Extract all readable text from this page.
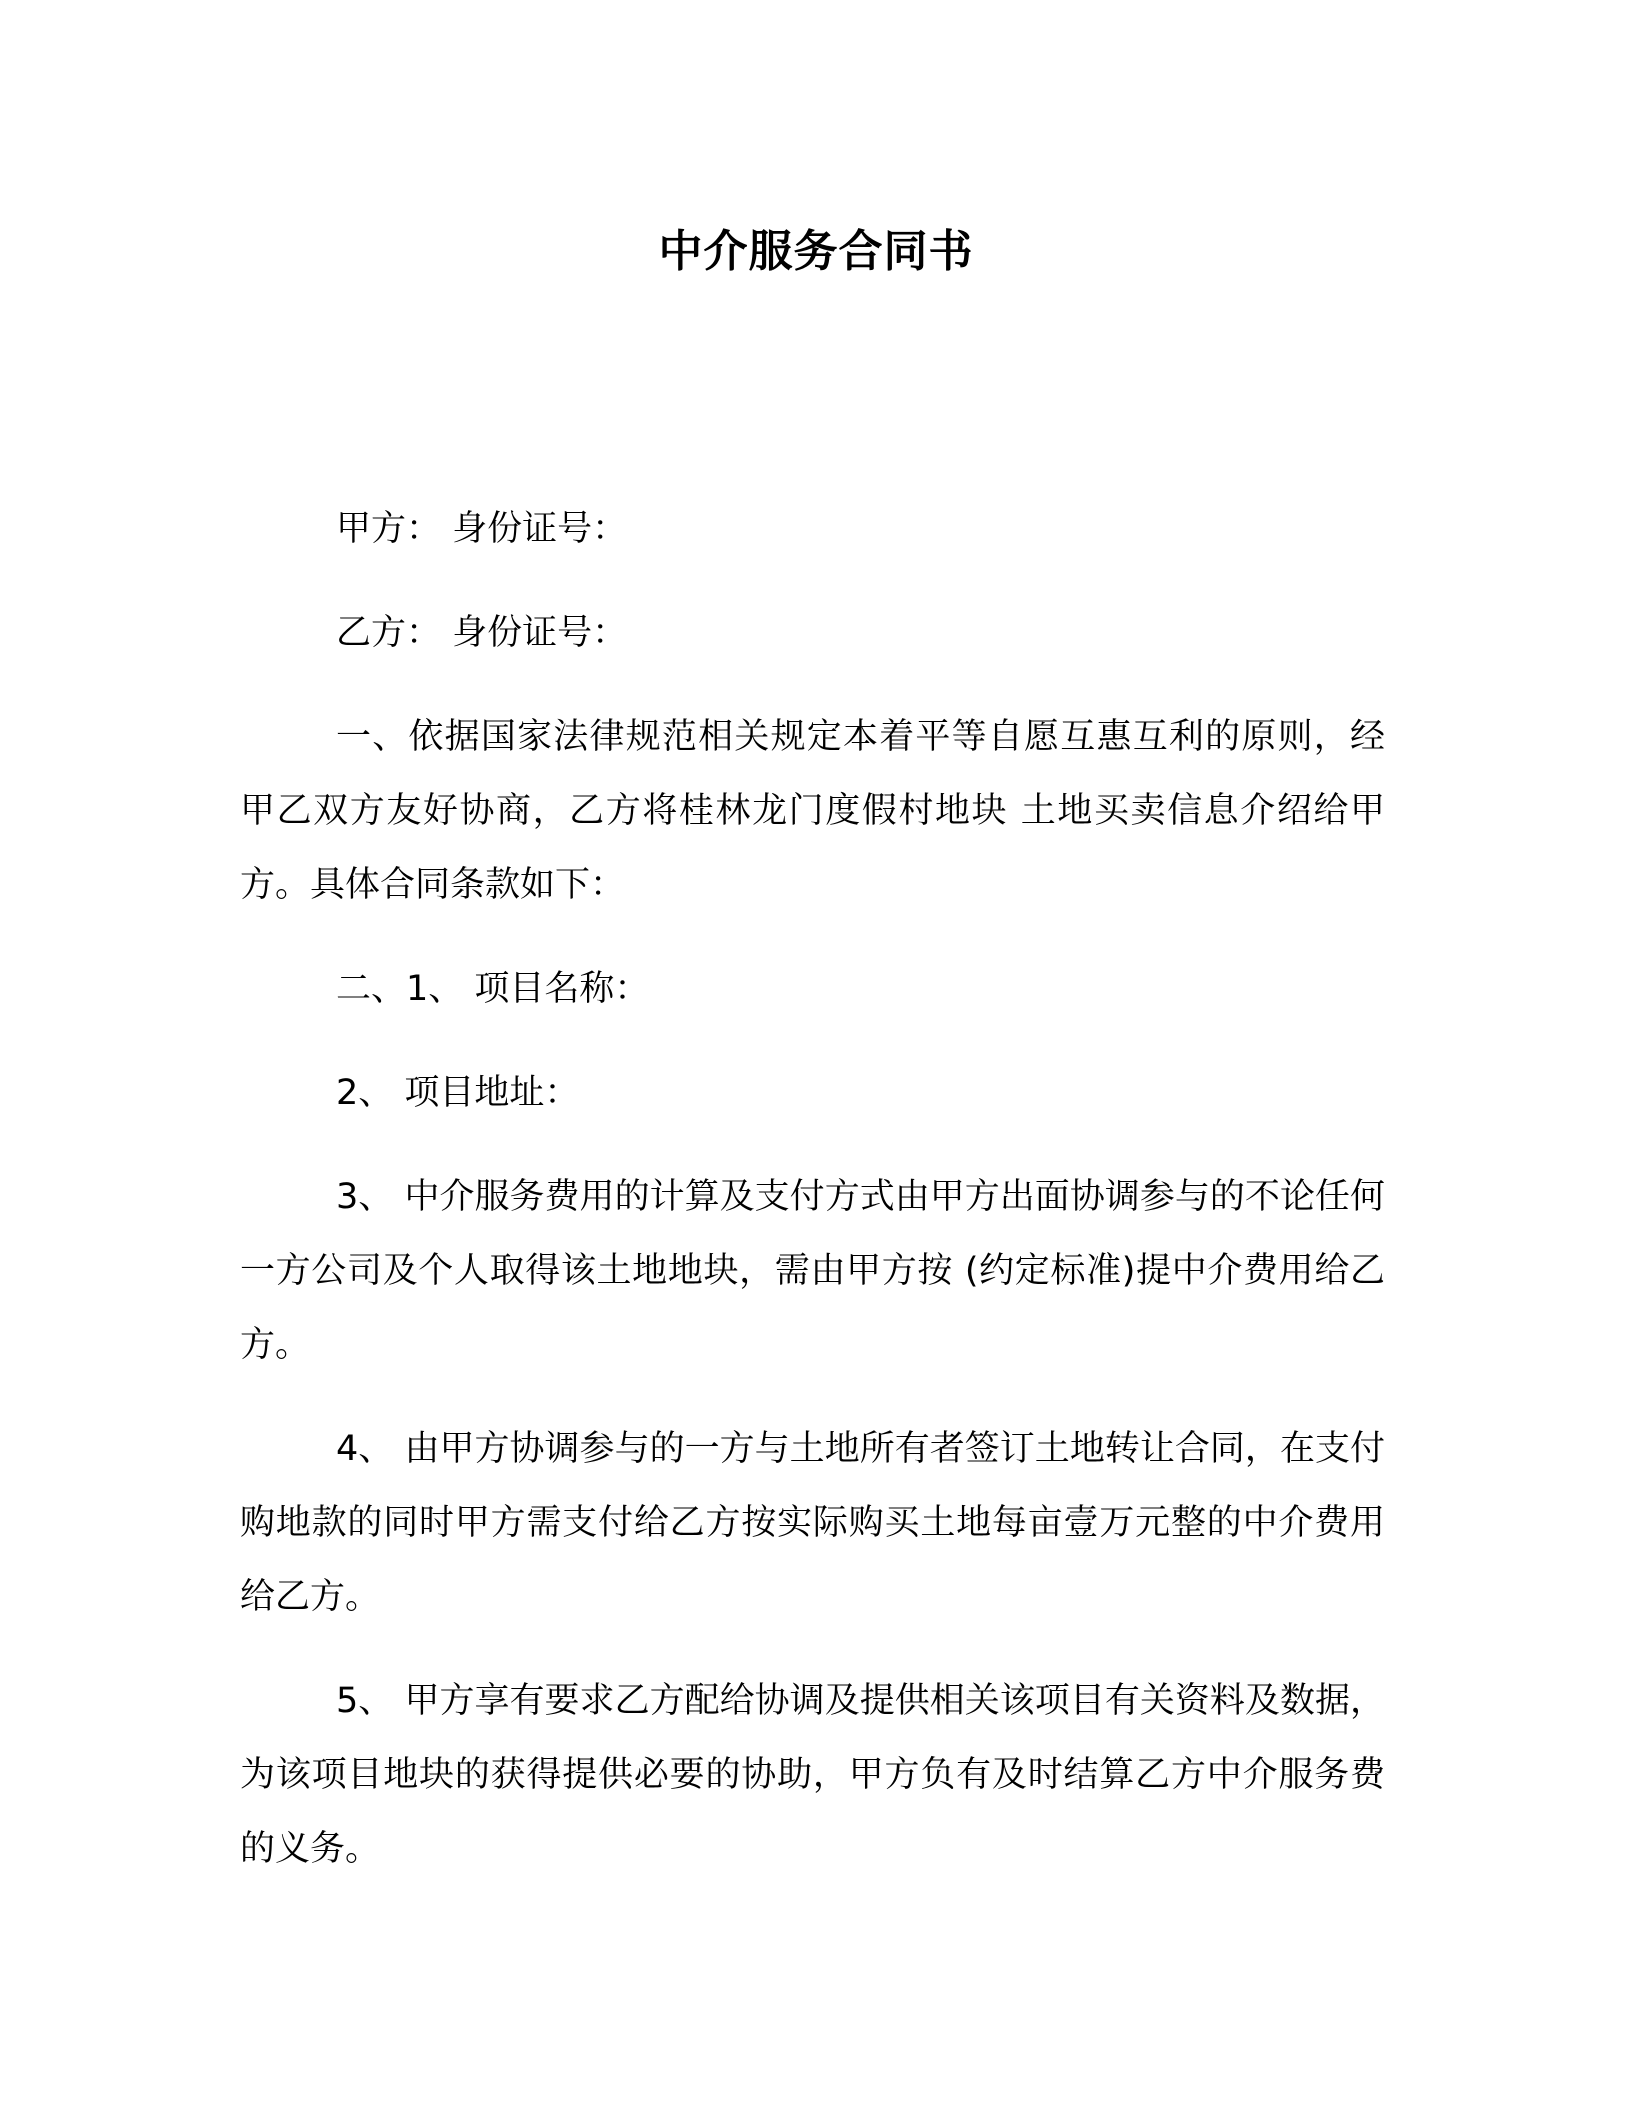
中介服务合同书

甲方： 身份证号：

乙方： 身份证号：

一、依据国家法律规范相关规定本着平等自愿互惠互利的原则，经甲乙双方友好协商，乙方将桂林龙门度假村地块 土地买卖信息介绍给甲方。具体合同条款如下：

二、1、 项目名称：

2、 项目地址：

3、 中介服务费用的计算及支付方式由甲方出面协调参与的不论任何一方公司及个人取得该土地地块，需由甲方按 (约定标准)提中介费用给乙方。

4、 由甲方协调参与的一方与土地所有者签订土地转让合同，在支付购地款的同时甲方需支付给乙方按实际购买土地每亩壹万元整的中介费用给乙方。

5、 甲方享有要求乙方配给协调及提供相关该项目有关资料及数据，为该项目地块的获得提供必要的协助，甲方负有及时结算乙方中介服务费的义务。
